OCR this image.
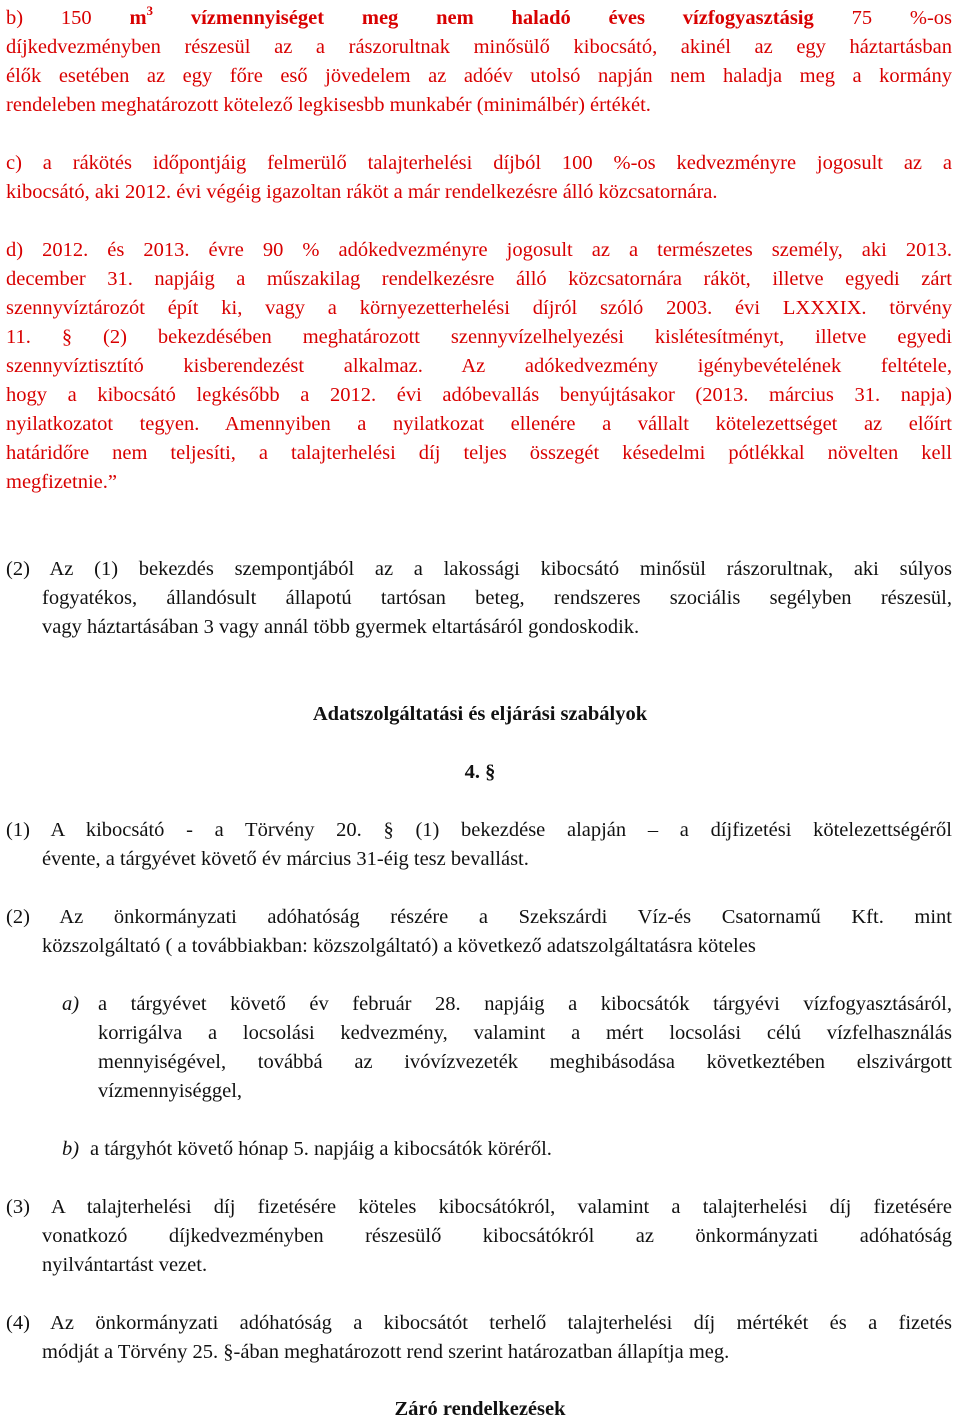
b) 150 $m^3$ vízmennyiséget meg nem haladó éves vízfogyasztásig 75 %-os
díjkedvezményben részesül az a rászorultnak minősülő kibocsátó, akinél az egy háztartásban
élők esetében az egy főre eső jövedelem az adóév utolsó napján nem haladja meg a kormány
rendeleben meghatározott kötelező legkisesbb munkabér (minimálbér) értékét.
c) a rákötés időpontjáig felmerülő talajterhelési díjból 100 %-os kedvezményre jogosult az a
kibocsátó, aki 2012. évi végéig igazoltan ráköt a már rendelkezésre álló közcsatornára.
d) 2012. és 2013. évre 90 % adókedvezményre jogosult az a természetes személy, aki 2013.
december 31. napjáig a műszakilag rendelkezésre álló közcsatornára ráköt, illetve egyedi zárt
szennyvíztározót épít ki, vagy a környezetterhelési díjról szóló 2003. évi LXXXIX. törvény
11. § (2) bekezdésében meghatározott szennyvízelhelyezési kislétesítményt, illetve egyedi
szennyvíztisztító kisberendezést alkalmaz. Az adókedvezmény igénybevételének feltétele,
hogy a kibocsátó legkésőbb a 2012. évi adóbevallás benyújtásakor (2013. március 31. napja)
nyilatkozatot tegyen. Amennyiben a nyilatkozat ellenére a vállalt kötelezettséget az előírt
határidőre nem teljesíti, a talajterhelési díj teljes összegét késedelmi pótlékkal növelten kell
megfizetnie.”
(2) Az (1) bekezdés szempontjából az a lakossági kibocsátó minősül rászorultnak, aki súlyos
fogyatékos, állandósult állapotú tartósan beteg, rendszeres szociális segélyben részesül,
vagy háztartásában 3 vagy annál több gyermek eltartásáról gondoskodik.
Adatszolgáltatási és eljárási szabályok
4. §
(1) A kibocsátó - a Törvény 20. § (1) bekezdése alapján – a díjfizetési kötelezettségéről
évente, a tárgyévet követő év március 31-éig tesz bevallást.
(2) Az önkormányzati adóhatóság részére a Szekszárdi Víz-és Csatornamű Kft. mint
közszolgáltató ( a továbbiakban: közszolgáltató) a következő adatszolgáltatásra köteles
a) a tárgyévet követő év február 28. napjáig a kibocsátók tárgyévi vízfogyasztásáról,
korrigálva a locsolási kedvezmény, valamint a mért locsolási célú vízfelhasználás
mennyiségével, továbbá az ivóvízvezeték meghibásodása következtében elszivárgott
vízmennyiséggel,
b) a tárgyhót követő hónap 5. napjáig a kibocsátók köréről.
(3) A talajterhelési díj fizetésére köteles kibocsátókról, valamint a talajterhelési díj fizetésére
vonatkozó díjkedvezményben részesülő kibocsátókról az önkormányzati adóhatóság
nyilvántartást vezet.
(4) Az önkormányzati adóhatóság a kibocsátót terhelő talajterhelési díj mértékét és a fizetés
módját a Törvény 25. §-ában meghatározott rend szerint határozatban állapítja meg.
Záró rendelkezések
